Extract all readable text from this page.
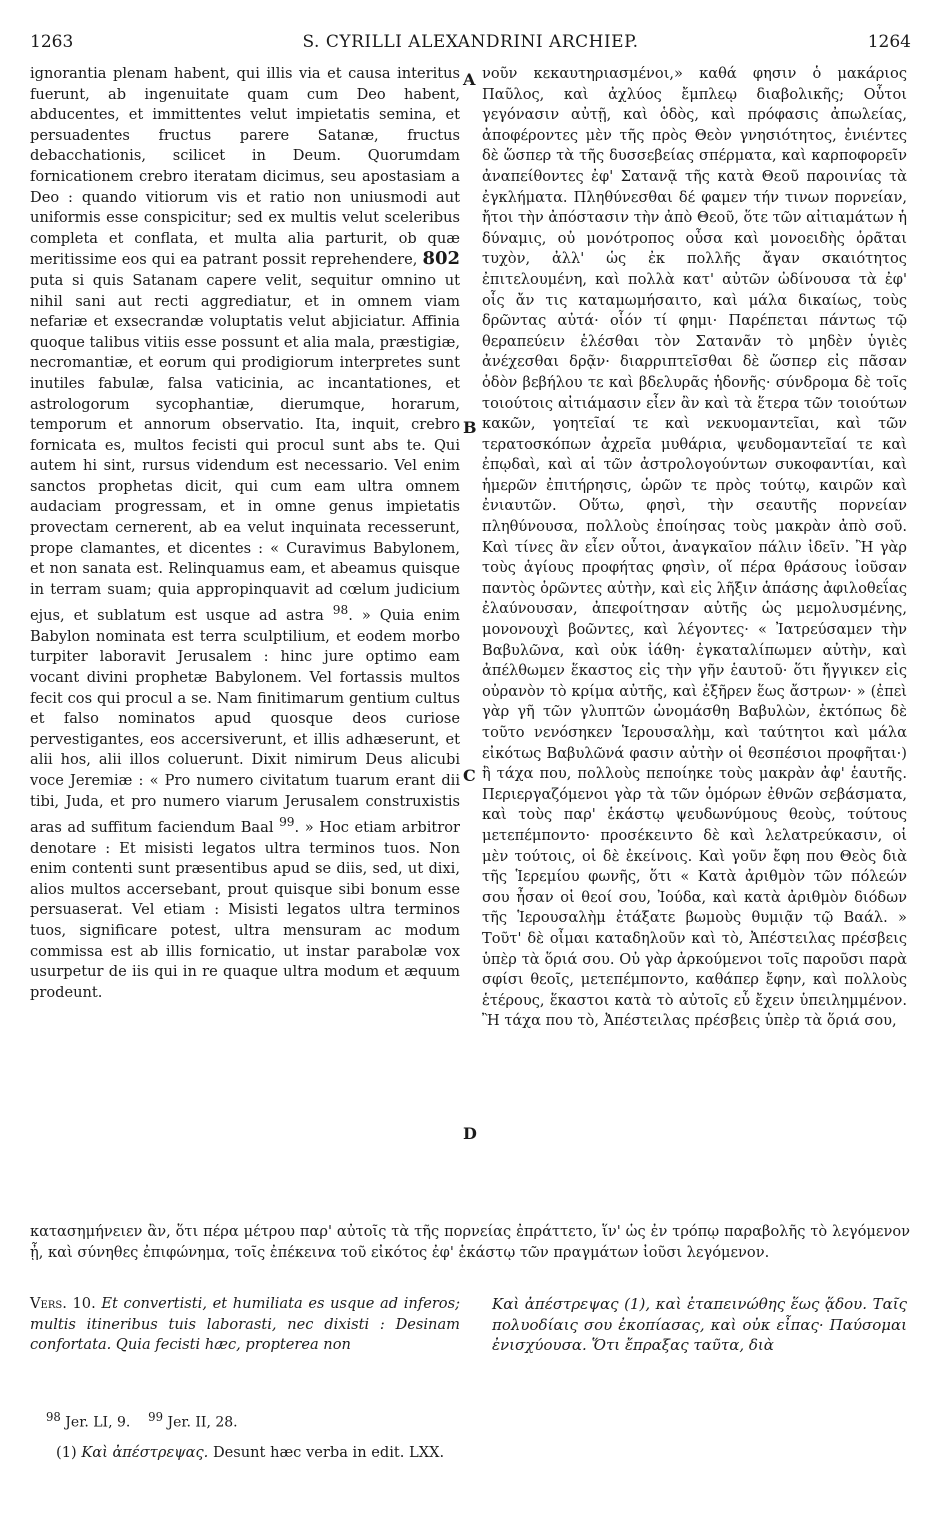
1263	S. CYRILLI ALEXANDRINI ARCHIEP.	1264

ignorantia plenam habent, qui illis via et causa interitus fuerunt, ab ingenuitate quam cum Deo habent, abducentes, et immittentes velut impietatis semina, et persuadentes fructus parere Satanæ, fructus debacchationis, scilicet in Deum. Quorumdam fornicationem crebro iteratam dicimus, seu apostasiam a Deo : quando vitiorum vis et ratio non uniusmodi aut uniformis esse conspicitur; sed ex multis velut sceleribus completa et conflata, et multa alia parturit, ob quæ meritissime eos qui ea patrant possit reprehendere, 802 puta si quis Satanam capere velit, sequitur omnino ut nihil sani aut recti aggrediatur, et in omnem viam nefariæ et exsecrandæ voluptatis velut abjiciatur. Affinia quoque talibus vitiis esse possunt et alia mala, præstigiæ, necromantiæ, et eorum qui prodigiorum interpretes sunt inutiles fabulæ, falsa vaticinia, ac incantationes, et astrologorum sycophantiæ, dierumque, horarum, temporum et annorum observatio. Ita, inquit, crebro fornicata es, multos fecisti qui procul sunt abs te. Qui autem hi sint, rursus videndum est necessario. Vel enim sanctos prophetas dicit, qui cum eam ultra omnem audaciam progressam, et in omne genus impietatis provectam cernerent, ab ea velut inquinata recesserunt, prope clamantes, et dicentes : « Curavimus Babylonem, et non sanata est. Relinquamus eam, et abeamus quisque in terram suam; quia appropinquavit ad cœlum judicium ejus, et sublatum est usque ad astra $^{98}$. » Quia enim Babylon nominata est terra sculptilium, et eodem morbo turpiter laboravit Jerusalem : hinc jure optimo eam vocant divini prophetæ Babylonem. Vel fortassis multos fecit cos qui procul a se. Nam finitimarum gentium cultus et falso nominatos apud quosque deos curiose pervestigantes, eos accersiverunt, et illis adhæserunt, et alii hos, alii illos coluerunt. Dixit nimirum Deus alicubi voce Jeremiæ : « Pro numero civitatum tuarum erant dii tibi, Juda, et pro numero viarum Jerusalem construxistis aras ad suffitum faciendum Baal $^{99}$. » Hoc etiam arbitror denotare : Et misisti legatos ultra terminos tuos. Non enim contenti sunt præsentibus apud se diis, sed, ut dixi, alios multos accersebant, prout quisque sibi bonum esse persuaserat. Vel etiam : Misisti legatos ultra terminos tuos, significare potest, ultra mensuram ac modum commissa est ab illis fornicatio, ut instar parabolæ vox usurpetur de iis qui in re quaque ultra modum et æquum prodeunt.

A
B
C
D

νοῦν κεκαυτηριασμένοι,» καθά φησιν ὁ μακάριος Παῦλος, καὶ ἀχλύος ἔμπλεῳ διαβολικῆς; Οὗτοι γεγόνασιν αὐτῇ, καὶ ὁδὸς, καὶ πρόφασις ἀπωλείας, ἀποφέροντες μὲν τῆς πρὸς Θεὸν γνησιότητος, ἐνιέντες δὲ ὥσπερ τὰ τῆς δυσσεβείας σπέρματα, καὶ καρποφορεῖν ἀναπείθοντες ἐφ' Σατανᾷ τῆς κατὰ Θεοῦ παροινίας τὰ ἐγκλήματα. Πληθύνεσθαι δέ φαμεν τήν τινων πορνείαν, ἤτοι τὴν ἀπόστασιν τὴν ἀπὸ Θεοῦ, ὅτε τῶν αἰτιαμάτων ἡ δύναμις, οὐ μονότροπος οὖσα καὶ μονοειδὴς ὁρᾶται τυχὸν, ἀλλ' ὡς ἐκ πολλῆς ἄγαν σκαιότητος ἐπιτελουμένη, καὶ πολλὰ κατ' αὐτῶν ὠδίνουσα τὰ ἐφ' οἷς ἄν τις καταμωμήσαιτο, καὶ μάλα δικαίως, τοὺς δρῶντας αὐτά· οἷόν τί φημι· Παρέπεται πάντως τῷ θεραπεύειν ἑλέσθαι τὸν Σατανᾶν τὸ μηδὲν ὑγιὲς ἀνέχεσθαι δρᾷν· διαρριπτεῖσθαι δὲ ὥσπερ εἰς πᾶσαν ὁδὸν βεβήλου τε καὶ βδελυρᾶς ἡδονῆς· σύνδρομα δὲ τοῖς τοιούτοις αἰτιάμασιν εἶεν ἂν καὶ τὰ ἕτερα τῶν τοιούτων κακῶν, γοητεῖαί τε καὶ νεκυομαντεῖαι, καὶ τῶν τερατοσκόπων ἀχρεῖα μυθάρια, ψευδομαντεῖαί τε καὶ ἐπῳδαὶ, καὶ αἱ τῶν ἀστρολογούντων συκοφαντίαι, καὶ ἡμερῶν ἐπιτήρησις, ὡρῶν τε πρὸς τούτῳ, καιρῶν καὶ ἐνιαυτῶν. Οὕτω, φησὶ, τὴν σεαυτῆς πορνείαν πληθύνουσα, πολλοὺς ἐποίησας τοὺς μακρὰν ἀπὸ σοῦ. Καὶ τίνες ἂν εἶεν οὗτοι, ἀναγκαῖον πάλιν ἰδεῖν. Ἢ γὰρ τοὺς ἁγίους προφήτας φησὶν, οἵ πέρα θράσους ἰοῦσαν παντὸς ὁρῶντες αὐτὴν, καὶ εἰς λῆξιν ἁπάσης ἀφιλοθεΐας ἐλαύνουσαν, ἀπεφοίτησαν αὐτῆς ὡς μεμολυσμένης, μονονουχὶ βοῶντες, καὶ λέγοντες· « Ἰατρεύσαμεν τὴν Βαβυλῶνα, καὶ οὐκ ἰάθη· ἐγκαταλίπωμεν αὐτὴν, καὶ ἀπέλθωμεν ἕκαστος εἰς τὴν γῆν ἑαυτοῦ· ὅτι ἤγγικεν εἰς οὐρανὸν τὸ κρίμα αὐτῆς, καὶ ἐξῆρεν ἕως ἄστρων· » (ἐπεὶ γὰρ γῆ τῶν γλυπτῶν ὠνομάσθη Βαβυλὼν, ἐκτόπως δὲ τοῦτο νενόσηκεν Ἱερουσαλὴμ, καὶ ταύτητοι καὶ μάλα εἰκότως Βαβυλῶνά φασιν αὐτὴν οἱ θεσπέσιοι προφῆται·) ἢ τάχα που, πολλοὺς πεποίηκε τοὺς μακρὰν ἀφ' ἑαυτῆς. Περιεργαζόμενοι γὰρ τὰ τῶν ὁμόρων ἐθνῶν σεβάσματα, καὶ τοὺς παρ' ἑκάστῳ ψευδωνύμους θεοὺς, τούτους μετεπέμποντο· προσέκειντο δὲ καὶ λελατρεύκασιν, οἱ μὲν τούτοις, οἱ δὲ ἐκείνοις. Καὶ γοῦν ἔφη που Θεὸς διὰ τῆς Ἱερεμίου φωνῆς, ὅτι « Κατὰ ἀριθμὸν τῶν πόλεών σου ἦσαν οἱ θεοί σου, Ἰούδα, καὶ κατὰ ἀριθμὸν διόδων τῆς Ἱερουσαλὴμ ἐτάξατε βωμοὺς θυμιᾷν τῷ Βαάλ. » Τοῦτ' δὲ οἶμαι καταδηλοῦν καὶ τὸ, Ἀπέστειλας πρέσβεις ὑπὲρ τὰ ὅριά σου. Οὐ γὰρ ἀρκούμενοι τοῖς παροῦσι παρὰ σφίσι θεοῖς, μετεπέμποντο, καθάπερ ἔφην, καὶ πολλοὺς ἑτέρους, ἕκαστοι κατὰ τὸ αὐτοῖς εὖ ἔχειν ὑπειλημμένον. Ἢ τάχα που τὸ, Ἀπέστειλας πρέσβεις ὑπὲρ τὰ ὅριά σου,

κατασημήνειεν ἂν, ὅτι πέρα μέτρου παρ' αὐτοῖς τὰ τῆς πορνείας ἐπράττετο, ἵν' ὡς ἐν τρόπῳ παραβολῆς τὸ λεγόμενον ᾖ, καὶ σύνηθες ἐπιφώνημα, τοῖς ἐπέκεινα τοῦ εἰκότος ἐφ' ἑκάστῳ τῶν πραγμάτων ἰοῦσι λεγόμενον.
Vers. 10. Et convertisti, et humiliata es usque ad inferos; multis itineribus tuis laborasti, nec dixisti : Desinam confortata. Quia fecisti hæc, propterea non
Καὶ ἀπέστρεψας (1), καὶ ἐταπεινώθης ἕως ᾅδου. Ταῖς πολυοδίαις σου ἐκοπίασας, καὶ οὐκ εἶπας· Παύσομαι ἐνισχύουσα. Ὅτι ἔπραξας ταῦτα, διὰ
$^{98}$ Jer. LI, 9. $^{99}$ Jer. II, 28.
(1) Καὶ ἀπέστρεψας. Desunt hæc verba in edit. LXX.
